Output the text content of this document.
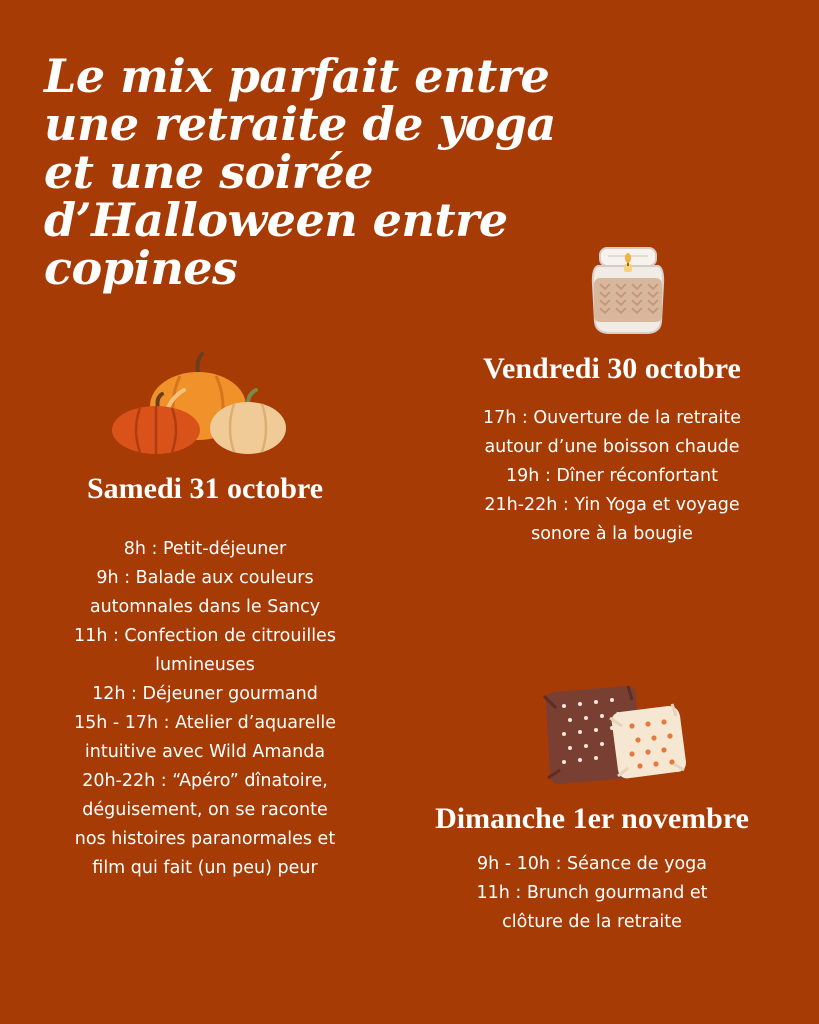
Le mix parfait entre
une retraite de yoga
et une soirée
d’Halloween entre
copines
Vendredi 30 octobre
17h : Ouverture de la retraite
autour d’une boisson chaude
19h : Dîner réconfortant
21h-22h : Yin Yoga et voyage
sonore à la bougie
Samedi 31 octobre
8h : Petit-déjeuner
9h : Balade aux couleurs
automnales dans le Sancy
11h : Confection de citrouilles
lumineuses
12h : Déjeuner gourmand
15h - 17h : Atelier d’aquarelle
intuitive avec Wild Amanda
20h-22h : “Apéro” dînatoire,
déguisement, on se raconte
nos histoires paranormales et
film qui fait (un peu) peur
Dimanche 1er novembre
9h - 10h : Séance de yoga
11h : Brunch gourmand et
clôture de la retraite
